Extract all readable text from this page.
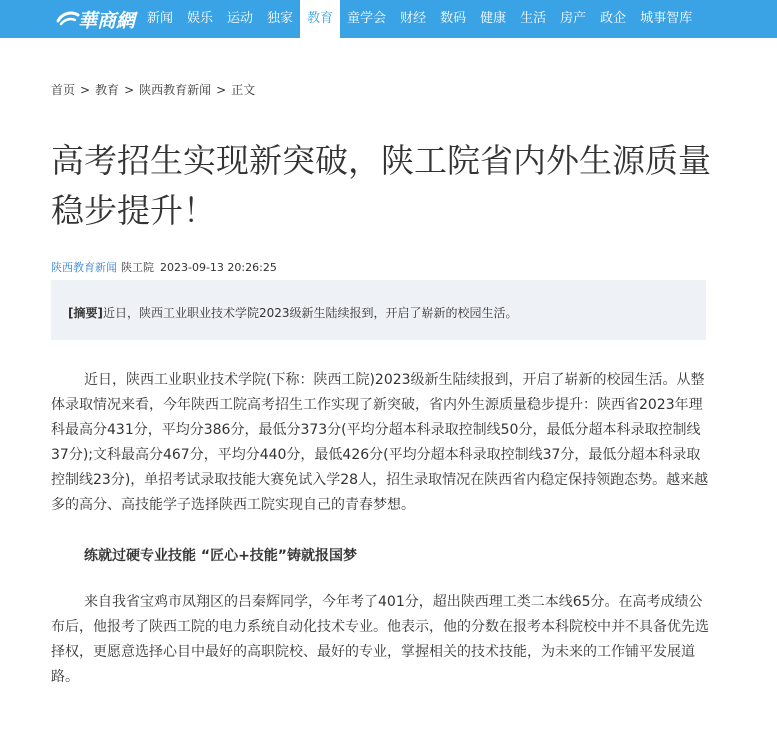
華商網 新闻	娱乐	运动	独家	教育	童学会	财经	数码	健康	生活	房产	政企	城事智库
首页 > 教育 > 陕西教育新闻 > 正文
高考招生实现新突破，陕工院省内外生源质量稳步提升！
陕西教育新闻 陕工院 2023-09-13 20:26:25
[摘要]近日，陕西工业职业技术学院2023级新生陆续报到，开启了崭新的校园生活。

近日，陕西工业职业技术学院(下称：陕西工院)2023级新生陆续报到，开启了崭新的校园生活。从整体录取情况来看，今年陕西工院高考招生工作实现了新突破，省内外生源质量稳步提升：陕西省2023年理科最高分431分，平均分386分，最低分373分(平均分超本科录取控制线50分，最低分超本科录取控制线37分);文科最高分467分，平均分440分，最低426分(平均分超本科录取控制线37分，最低分超本科录取控制线23分)，单招考试录取技能大赛免试入学28人，招生录取情况在陕西省内稳定保持领跑态势。越来越多的高分、高技能学子选择陕西工院实现自己的青春梦想。

练就过硬专业技能 “匠心+技能”铸就报国梦

来自我省宝鸡市凤翔区的吕秦辉同学，今年考了401分，超出陕西理工类二本线65分。在高考成绩公布后，他报考了陕西工院的电力系统自动化技术专业。他表示，他的分数在报考本科院校中并不具备优先选择权，更愿意选择心目中最好的高职院校、最好的专业，掌握相关的技术技能，为未来的工作铺平发展道路。
